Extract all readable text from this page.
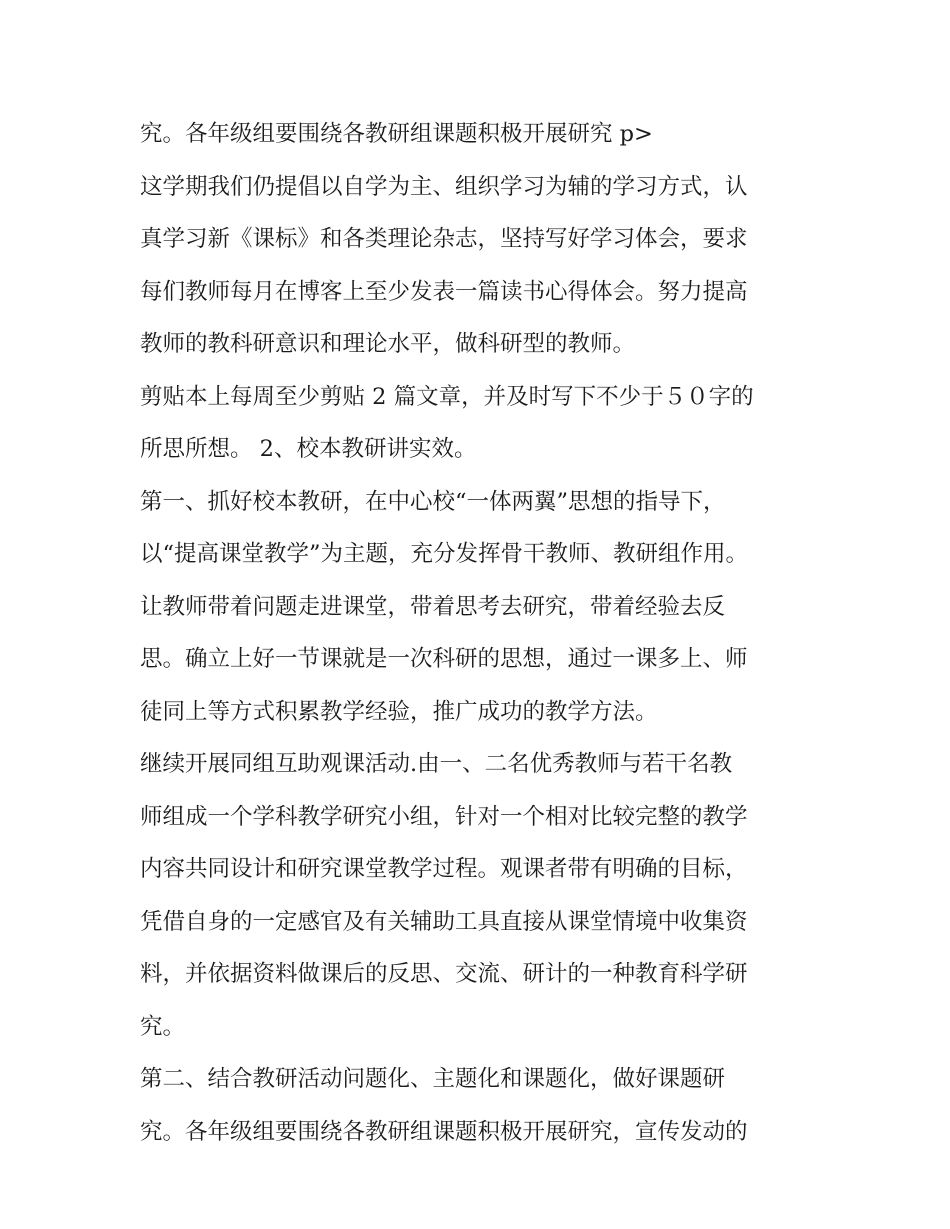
究。各年级组要围绕各教研组课题积极开展研究 p>
这学期我们仍提倡以自学为主、组织学习为辅的学习方式，认
真学习新《课标》和各类理论杂志，坚持写好学习体会，要求
每们教师每月在博客上至少发表一篇读书心得体会。努力提高
教师的教科研意识和理论水平，做科研型的教师。
剪贴本上每周至少剪贴 2 篇文章，并及时写下不少于５０字的
所思所想。 2、校本教研讲实效。
第一、抓好校本教研，在中心校“一体两翼”思想的指导下，
以“提高课堂教学”为主题，充分发挥骨干教师、教研组作用。
让教师带着问题走进课堂，带着思考去研究，带着经验去反
思。确立上好一节课就是一次科研的思想，通过一课多上、师
徒同上等方式积累教学经验，推广成功的教学方法。
继续开展同组互助观课活动.由一、二名优秀教师与若干名教
师组成一个学科教学研究小组，针对一个相对比较完整的教学
内容共同设计和研究课堂教学过程。观课者带有明确的目标，
凭借自身的一定感官及有关辅助工具直接从课堂情境中收集资
料，并依据资料做课后的反思、交流、研计的一种教育科学研
究。
第二、结合教研活动问题化、主题化和课题化，做好课题研
究。各年级组要围绕各教研组课题积极开展研究，宣传发动的
